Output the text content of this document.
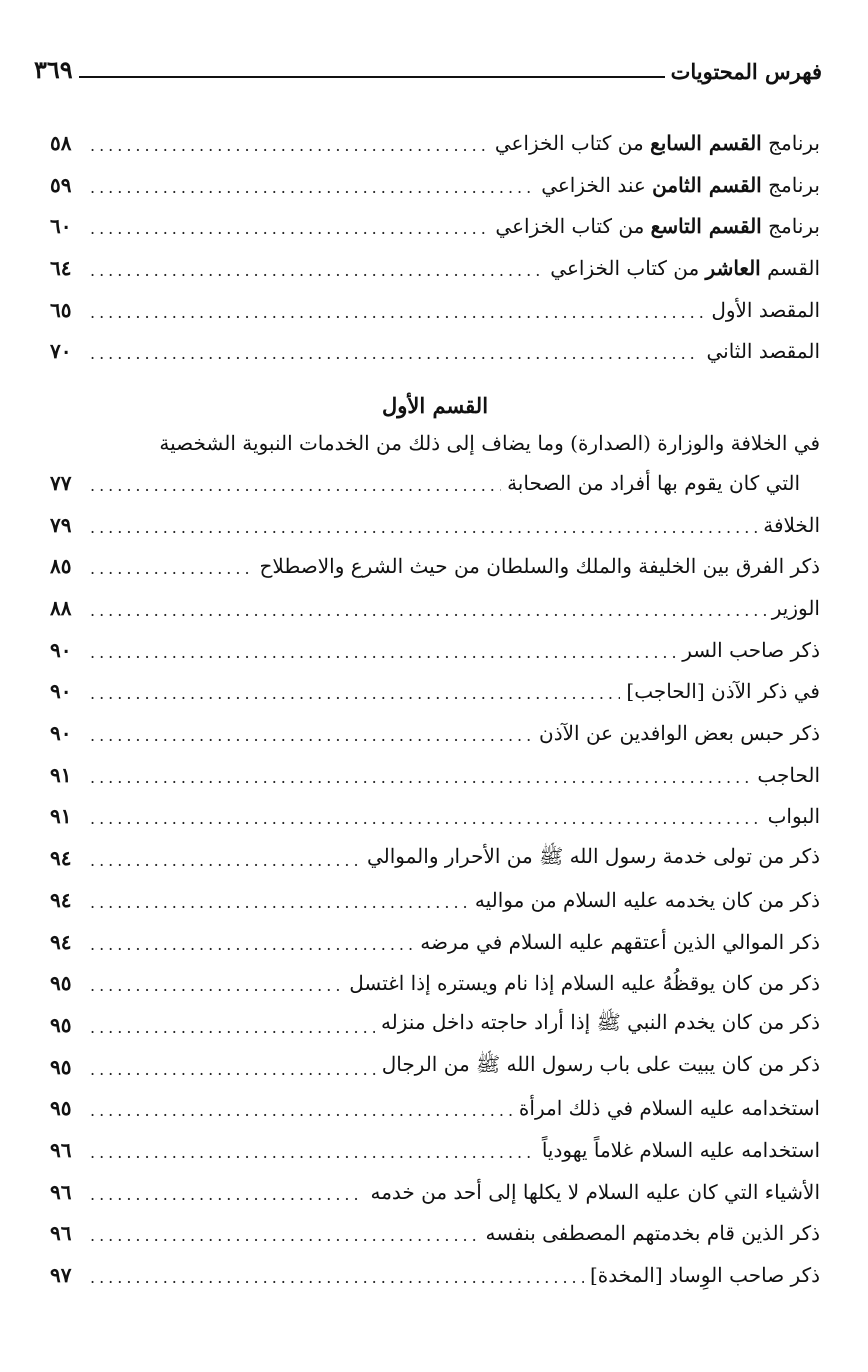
فهرس المحتويات
٣٦٩
برنامج القسم السابع من كتاب الخزاعي
.....
٥٨
برنامج القسم الثامن عند الخزاعي
.....
٥٩
برنامج القسم التاسع من كتاب الخزاعي
.....
٦٠
القسم العاشر من كتاب الخزاعي
.....
٦٤
المقصد الأول
.....
٦٥
المقصد الثاني
.....
٧٠
القسم الأول
في الخلافة والوزارة (الصدارة) وما يضاف إلى ذلك من الخدمات النبوية الشخصية
التي كان يقوم بها أفراد من الصحابة
.....
٧٧
الخلافة
.....
٧٩
ذكر الفرق بين الخليفة والملك والسلطان من حيث الشرع والاصطلاح
.....
٨٥
الوزير
.....
٨٨
ذكر صاحب السر
.....
٩٠
في ذكر الآذن [الحاجب]
.....
٩٠
ذكر حبس بعض الوافدين عن الآذن
.....
٩٠
الحاجب
.....
٩١
البواب
.....
٩١
ذكر من تولى خدمة رسول الله ﷺ من الأحرار والموالي
.....
٩٤
ذكر من كان يخدمه عليه السلام من مواليه
.....
٩٤
ذكر الموالي الذين أعتقهم عليه السلام في مرضه
.....
٩٤
ذكر من كان يوقظُهُ عليه السلام إذا نام ويستره إذا اغتسل
.....
٩٥
ذكر من كان يخدم النبي ﷺ إذا أراد حاجته داخل منزله
.....
٩٥
ذكر من كان يبيت على باب رسول الله ﷺ من الرجال
.....
٩٥
استخدامه عليه السلام في ذلك امرأة
.....
٩٥
استخدامه عليه السلام غلاماً يهودياً
.....
٩٦
الأشياء التي كان عليه السلام لا يكلها إلى أحد من خدمه
.....
٩٦
ذكر الذين قام بخدمتهم المصطفى بنفسه
.....
٩٦
ذكر صاحب الوِساد [المخدة]
.....
٩٧
